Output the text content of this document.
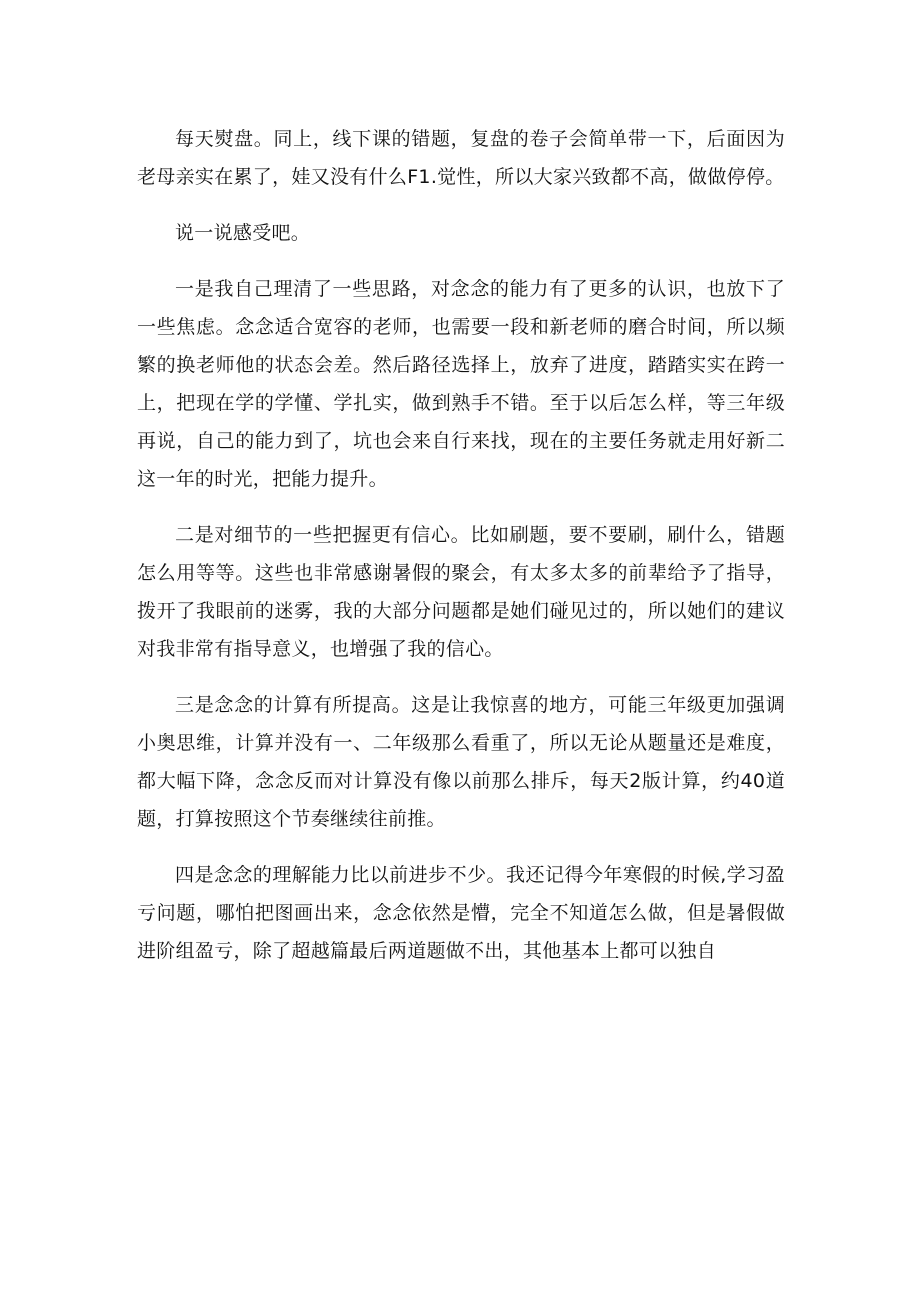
每天熨盘。同上，线下课的错题，复盘的卷子会简单带一下，后面因为老母亲实在累了，娃又没有什么F1.觉性，所以大家兴致都不高，做做停停。

说一说感受吧。

一是我自己理清了一些思路，对念念的能力有了更多的认识，也放下了一些焦虑。念念适合宽容的老师，也需要一段和新老师的磨合时间，所以频繁的换老师他的状态会差。然后路径选择上，放弃了进度，踏踏实实在跨一上，把现在学的学懂、学扎实，做到熟手不错。至于以后怎么样，等三年级再说，自己的能力到了，坑也会来自行来找，现在的主要任务就走用好新二这一年的时光，把能力提升。

二是对细节的一些把握更有信心。比如刷题，要不要刷，刷什么，错题怎么用等等。这些也非常感谢暑假的聚会，有太多太多的前辈给予了指导，拨开了我眼前的迷雾，我的大部分问题都是她们碰见过的，所以她们的建议对我非常有指导意义，也增强了我的信心。

三是念念的计算有所提高。这是让我惊喜的地方，可能三年级更加强调小奥思维，计算并没有一、二年级那么看重了，所以无论从题量还是难度，都大幅下降，念念反而对计算没有像以前那么排斥，每天2版计算，约40道题，打算按照这个节奏继续往前推。

四是念念的理解能力比以前进步不少。我还记得今年寒假的时候,学习盈亏问题，哪怕把图画出来，念念依然是懵，完全不知道怎么做，但是暑假做进阶组盈亏，除了超越篇最后两道题做不出，其他基本上都可以独自
